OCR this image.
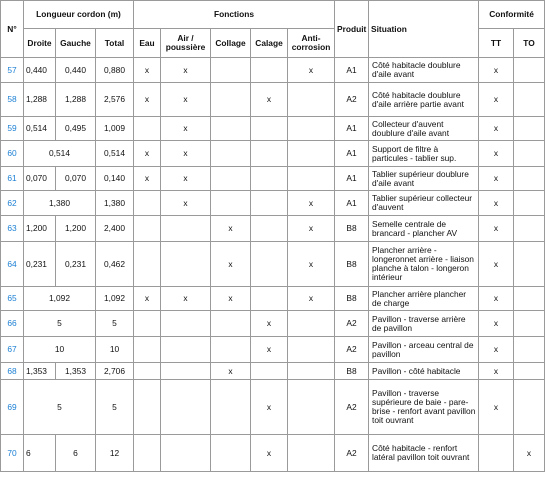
N°	Longueur cordon (m)			Fonctions					Produit	Situation	Conformité	
	Droite	Gauche	Total	Eau	Air / poussière	Collage	Calage	Anti-corrosion			TT	TO
57	0,440	0,440	0,880	x	x			x	A1	Côté habitacle doublure d'aile avant	x	
58	1,288	1,288	2,576	x	x		x		A2	Côté habitacle doublure d'aile arrière partie avant	x	
59	0,514	0,495	1,009		x				A1	Collecteur d'auvent doublure d'aile avant	x	
60	0,514		0,514	x	x				A1	Support de filtre à particules - tablier sup.	x	
61	0,070	0,070	0,140	x	x				A1	Tablier supérieur doublure d'aile avant	x	
62	1,380		1,380		x			x	A1	Tablier supérieur collecteur d'auvent	x	
63	1,200	1,200	2,400			x		x	B8	Semelle centrale de brancard - plancher AV	x	
64	0,231	0,231	0,462			x		x	B8	Plancher arrière - longeronnet arrière - liaison planche à talon - longeron intérieur	x	
65	1,092		1,092	x	x	x		x	B8	Plancher arrière plancher de charge	x	
66	5		5				x		A2	Pavillon - traverse arrière de pavillon	x	
67	10		10				x		A2	Pavillon - arceau central de pavillon	x	
68	1,353	1,353	2,706			x			B8	Pavillon - côté habitacle	x	
69	5		5				x		A2	Pavillon - traverse supérieure de baie - pare-brise - renfort avant pavillon toit ouvrant	x	
70	6	6	12				x		A2	Côté habitacle - renfort latéral pavillon toit ouvrant		x
